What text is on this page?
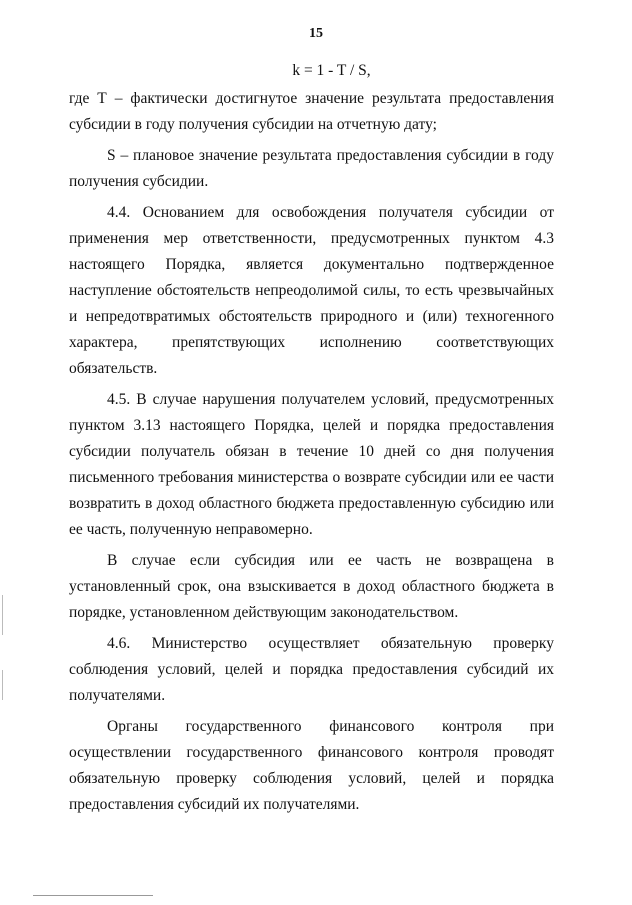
15
k = 1 - T / S,

где Т – фактически достигнутое значение результата предоставления субсидии в году получения субсидии на отчетную дату;

S – плановое значение результата предоставления субсидии в году получения субсидии.

4.4. Основанием для освобождения получателя субсидии от применения мер ответственности, предусмотренных пунктом 4.3 настоящего Порядка, является документально подтвержденное наступление обстоятельств непреодолимой силы, то есть чрезвычайных и непредотвратимых обстоятельств природного и (или) техногенного характера, препятствующих исполнению соответствующих обязательств.

4.5. В случае нарушения получателем условий, предусмотренных пунктом 3.13 настоящего Порядка, целей и порядка предоставления субсидии получатель обязан в течение 10 дней со дня получения письменного требования министерства о возврате субсидии или ее части возвратить в доход областного бюджета предоставленную субсидию или ее часть, полученную неправомерно.

В случае если субсидия или ее часть не возвращена в установленный срок, она взыскивается в доход областного бюджета в порядке, установленном действующим законодательством.

4.6. Министерство осуществляет обязательную проверку соблюдения условий, целей и порядка предоставления субсидий их получателями.

Органы государственного финансового контроля при осуществлении государственного финансового контроля проводят обязательную проверку соблюдения условий, целей и порядка предоставления субсидий их получателями.
